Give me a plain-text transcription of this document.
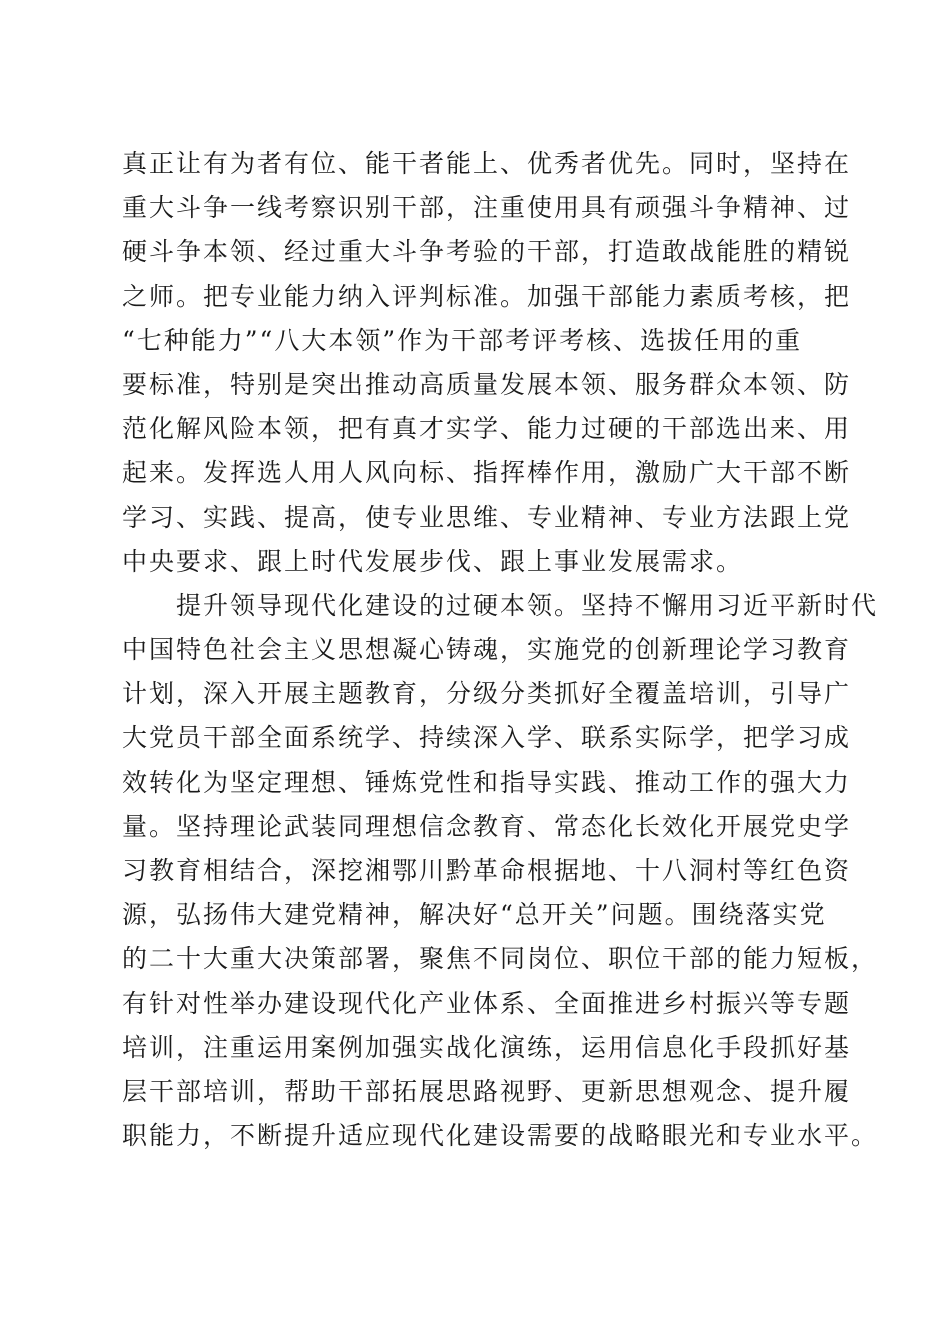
真正让有为者有位、能干者能上、优秀者优先。同时，坚持在
重大斗争一线考察识别干部，注重使用具有顽强斗争精神、过
硬斗争本领、经过重大斗争考验的干部，打造敢战能胜的精锐
之师。把专业能力纳入评判标准。加强干部能力素质考核，把
“七种能力”“八大本领”作为干部考评考核、选拔任用的重
要标准，特别是突出推动高质量发展本领、服务群众本领、防
范化解风险本领，把有真才实学、能力过硬的干部选出来、用
起来。发挥选人用人风向标、指挥棒作用，激励广大干部不断
学习、实践、提高，使专业思维、专业精神、专业方法跟上党
中央要求、跟上时代发展步伐、跟上事业发展需求。
　　提升领导现代化建设的过硬本领。坚持不懈用习近平新时代
中国特色社会主义思想凝心铸魂，实施党的创新理论学习教育
计划，深入开展主题教育，分级分类抓好全覆盖培训，引导广
大党员干部全面系统学、持续深入学、联系实际学，把学习成
效转化为坚定理想、锤炼党性和指导实践、推动工作的强大力
量。坚持理论武装同理想信念教育、常态化长效化开展党史学
习教育相结合，深挖湘鄂川黔革命根据地、十八洞村等红色资
源，弘扬伟大建党精神，解决好“总开关”问题。围绕落实党
的二十大重大决策部署，聚焦不同岗位、职位干部的能力短板，
有针对性举办建设现代化产业体系、全面推进乡村振兴等专题
培训，注重运用案例加强实战化演练，运用信息化手段抓好基
层干部培训，帮助干部拓展思路视野、更新思想观念、提升履
职能力，不断提升适应现代化建设需要的战略眼光和专业水平。
